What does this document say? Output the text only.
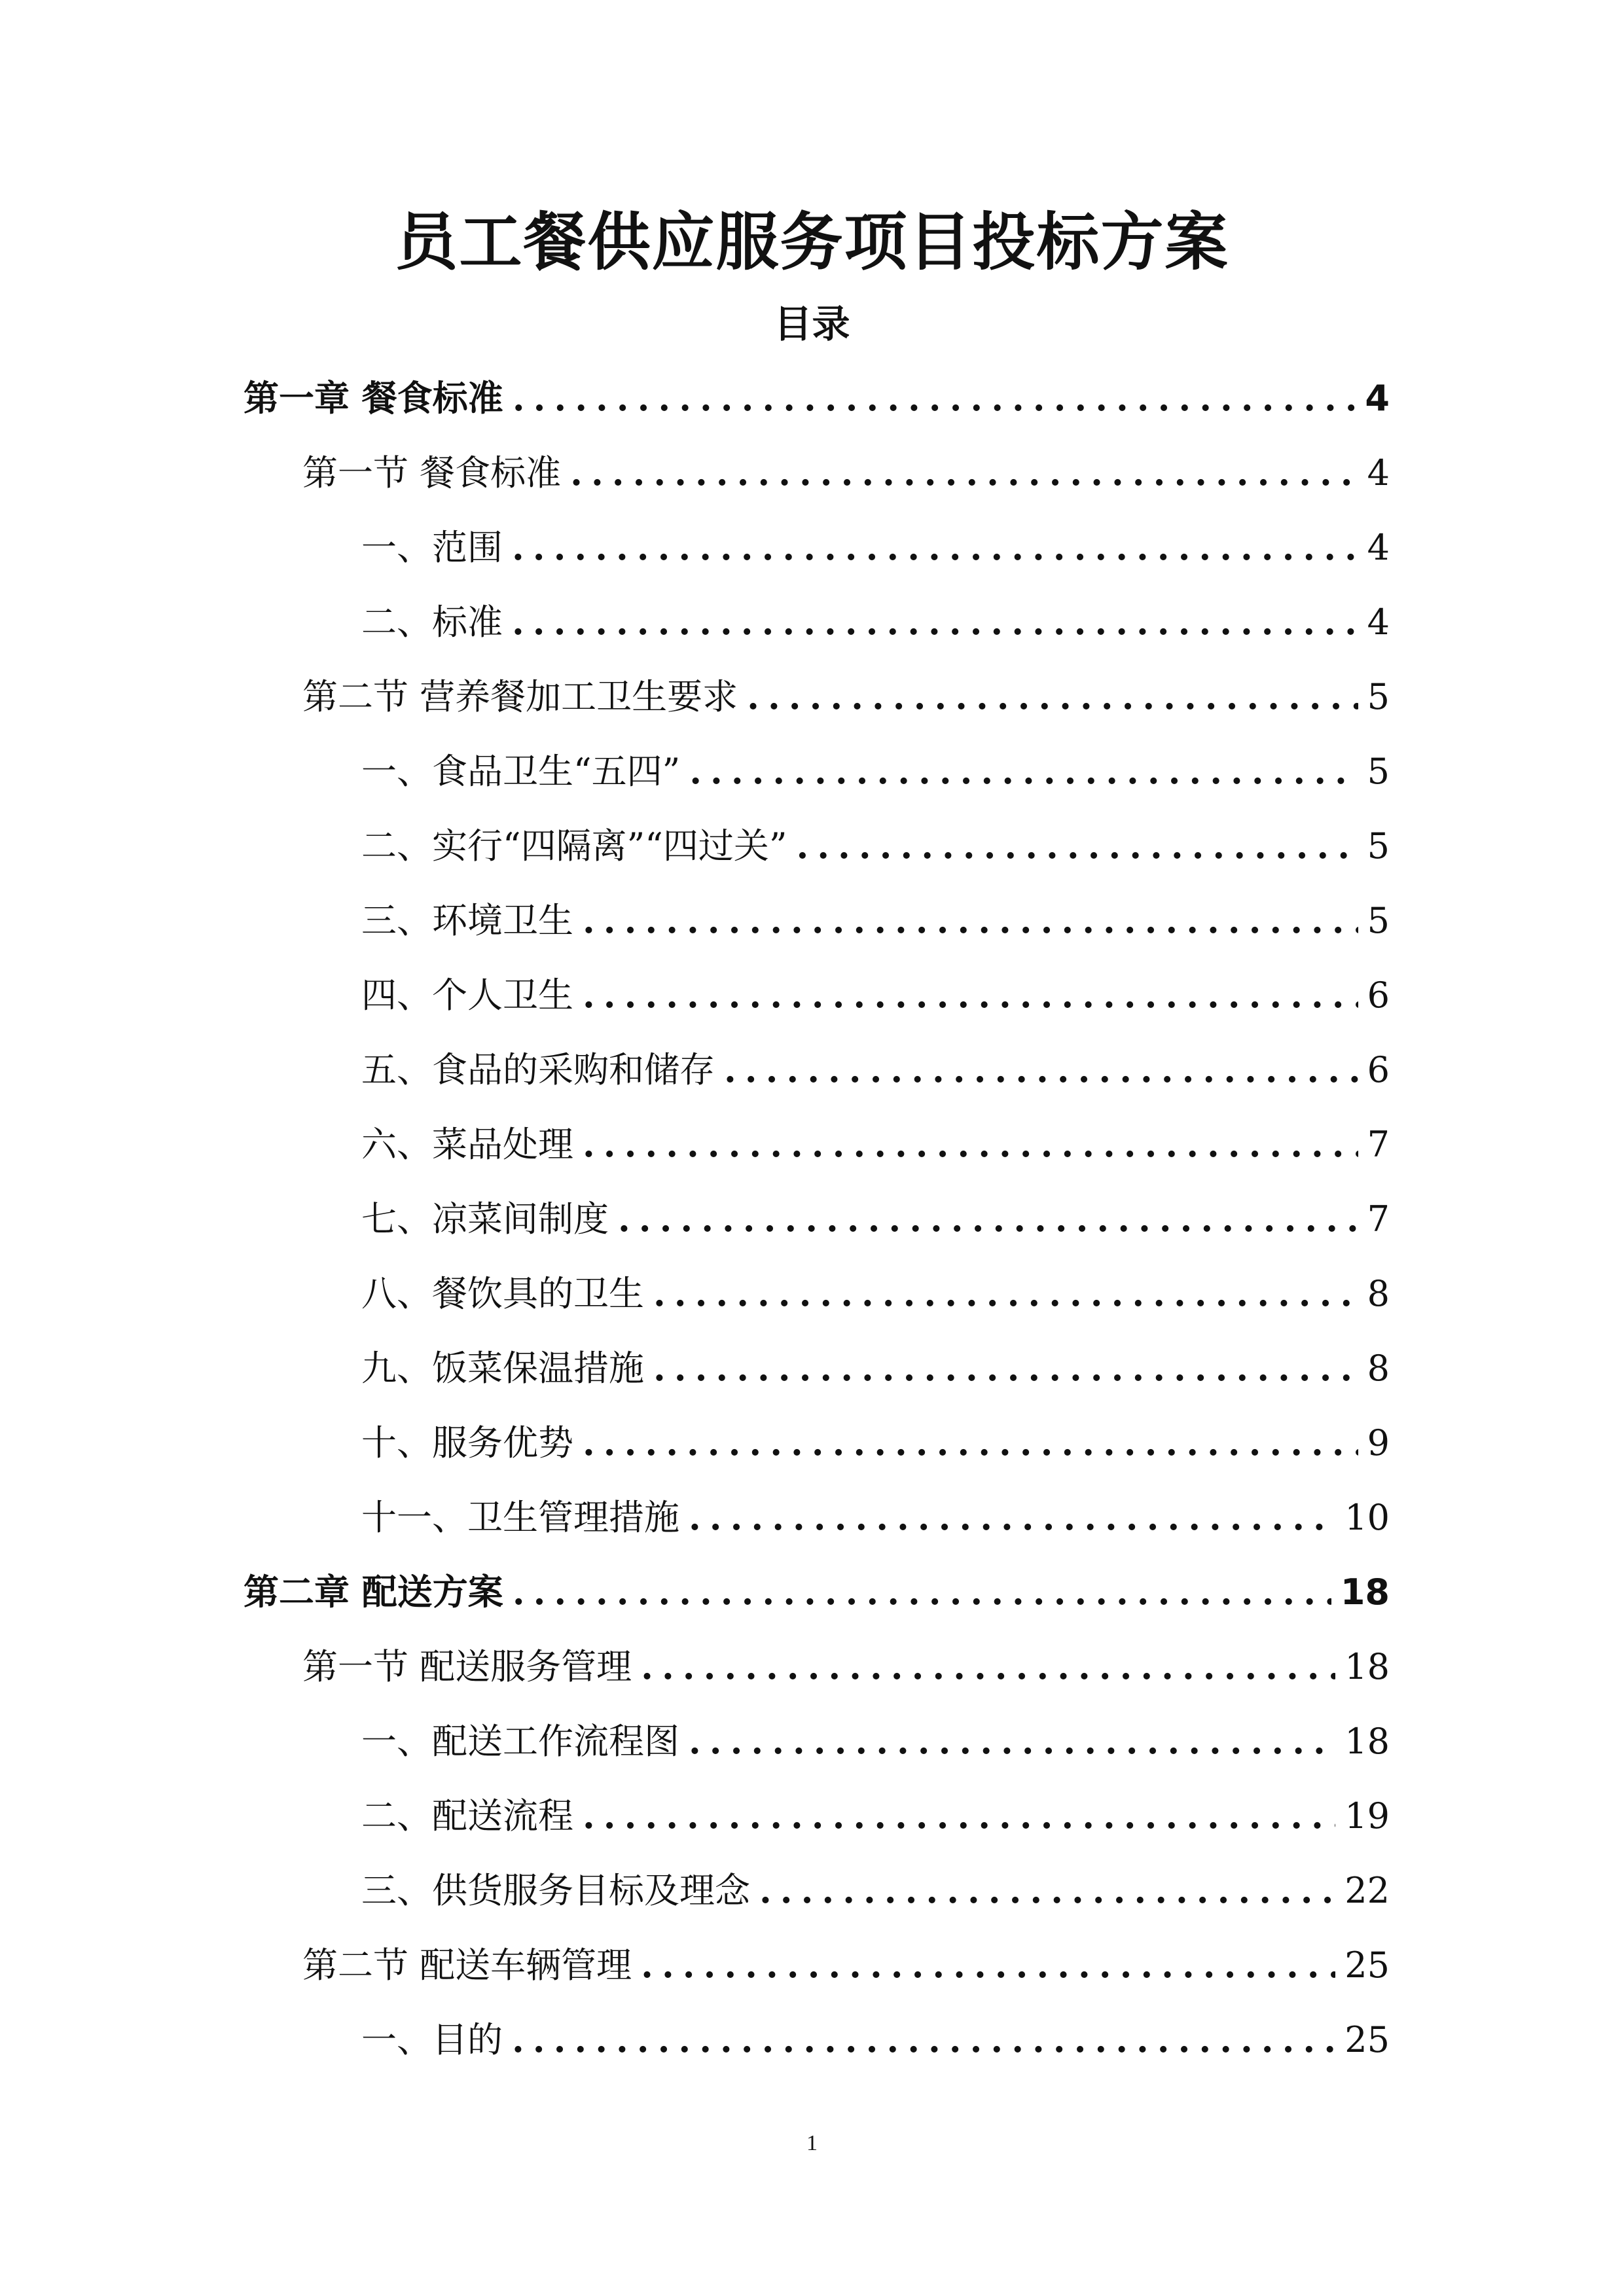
员工餐供应服务项目投标方案
目录
第一章 餐食标准 .....	4
第一节 餐食标准 .....	4
一、范围 .....	4
二、标准 .....	4
第二节 营养餐加工卫生要求 .....	5
一、食品卫生“五四” .....	5
二、实行“四隔离”“四过关” .....	5
三、环境卫生 .....	5
四、个人卫生 .....	6
五、食品的采购和储存 .....	6
六、菜品处理 .....	7
七、凉菜间制度 .....	7
八、餐饮具的卫生 .....	8
九、饭菜保温措施 .....	8
十、服务优势 .....	9
十一、卫生管理措施 .....	10
第二章 配送方案 .....	18
第一节 配送服务管理 .....	18
一、配送工作流程图 .....	18
二、配送流程 .....	19
三、供货服务目标及理念 .....	22
第二节 配送车辆管理 .....	25
一、目的 .....	25
1
